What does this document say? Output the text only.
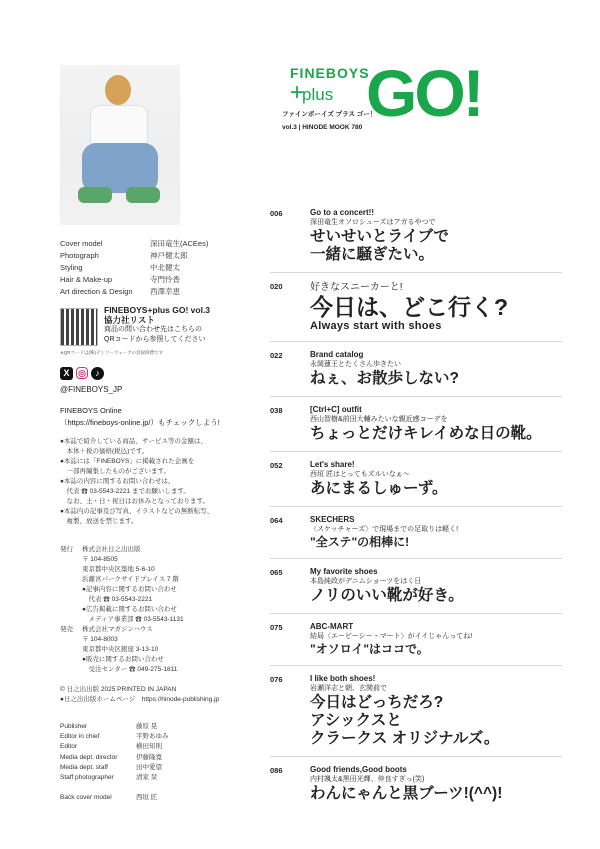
FINEBOYS
+plus GO!
ファインボーイズ プラス ゴー！
vol.3 | HINODE MOOK 780
Cover model	深田竜生(ACEes)
Photograph	神戸健太郎
Styling	中北健太
Hair & Make-up	寺門怜香
Art direction & Design	西澤幸恵
FINEBOYS+plus GO! vol.3
協力社リスト
商品の問い合わせ先はこちらの
QRコードから参照してください
※QRコードは(株)デンソーウェーブの登録商標です
X ◎	♪
@FINEBOYS_JP
FINEBOYS Online
（https://fineboys-online.jp/）もチェックしよう!
●本誌で紹介している商品、サービス等の金額は、
　本体＋税の価格(税込)です。
●本誌には「FINEBOYS」に掲載された企画を
　一部再編集したものがございます。
●本誌の内容に関するお問い合わせは、
　代表 ☎ 03-5543-2221 までお願いします。
　なお、土・日・祝日はお休みとなっております。
●本誌内の記事及び写真、イラストなどの無断転写、
　複製、放送を禁じます。
発行	株式会社日之出出版
〒 104-8505
東京都中央区築地 5-6-10
浜離宮パークサイドプレイス 7 階
●記事内容に関するお問い合わせ
　代表 ☎ 03-5543-2221
●広告掲載に関するお問い合わせ
　メディア事業部 ☎ 03-5543-1131
発売	株式会社マガジンハウス
〒 104-8003
東京都中央区銀座 3-13-10
●販売に関するお問い合わせ
　受注センター ☎ 049-275-1811
© 日之出出版 2025 PRINTED IN JAPAN
●日之出出版ホームページ　https://hinode-publishing.jp
Publisher	藤原 晃
Editor in chief	平野あゆみ
Editor	横田知則
Media dept. director	伊藤隆寛
Media dept. staff	田中愛望
Staff photographer	清家 栞
Back cover model	西垣 匠
006	Go to a concert!!
深田竜生オソロシューズはアガるやつで
せいせいとライブで
一緒に騒ぎたい。
020	好きなスニーカーと!
今日は、どこ行く?
Always start with shoes
022	Brand catalog
永岡蓮王とたくさん歩きたい
ねぇ、お散歩しない?
038	[Ctrl+C] outfit
西山智樹&前田大輔みたいな親近感コーデを
ちょっとだけキレイめな日の靴。
052	Let's share!
西垣 匠はとってもズルいなぁ〜
あにまるしゅーず。
064	SKECHERS
〈スケッチャーズ〉で現場までの足取りは軽く!
"全ステ"の相棒に!
065	My favorite shoes
本島純政がデニムショーツをはく日
ノリのいい靴が好き。
075	ABC-MART
結局〈エービーシー・マート〉がイイじゃんってね!
"オソロイ"はココで。
076	I like both shoes!
岩瀬洋志と朝、玄関前で
今日はどっちだろ?
アシックスと
クラークス オリジナルズ。
086	Good friends,Good boots
内村颯太&黒田光輝、仲良すぎっ(笑)
わんにゃんと黒ブーツ!(^^)!
